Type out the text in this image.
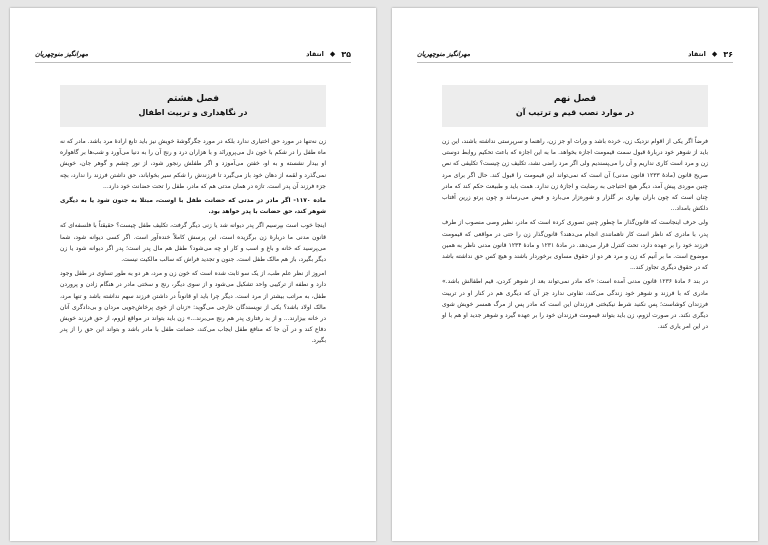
۳۵
◆
انتقاد
مهرانگیز منوچهریان
فصل هشتم
در نگاهداری و تربیت اطفال

زن نه‌تنها در مورد حق اختیاری ندارد بلکه در مورد جگرگوشهٔ خویش نیز باید تابع ارادهٔ مرد باشد. مادر که نه ماه طفل را در شکم با خون دل می‌پرورانَد و با هزاران درد و رنج آن را به دنیا می‌آورد و شب‌ها بر گاهواره او بیدار نشسته و به او، خفتن می‌آموزد و اگر طفلش رنجور شود، از نور چشم و گوهر جان، خویش نمی‌گذرد و لقمه از دهان خود باز می‌گیرد تا فرزندش را شکم سیر بخواباند، حق داشتن فرزند را ندارد، بچه جزء فرزند آن پدر است. تازه در همان مدتی هم که مادر، طفل را تحت حضانت خود دارد...

ماده ۱۱۷۰- اگر مادر در مدتی که حضانت طفل با اوست، مبتلا به جنون شود یا به دیگری شوهر کند، حق حضانت با پدر خواهد بود.

اینجا خوب است بپرسیم اگر پدر دیوانه شد یا زنی دیگر گرفت، تکلیف طفل چیست؟ حقیقتاً با فلسفه‌ای که قانون مدنی ما دربارهٔ زن برگزیده است، این پرسش کاملاً خنده‌آور است. اگر کسی دیوانه شود، شما می‌پرسید که خانه و باغ و اسب و کار او چه می‌شود؟ طفل هم مال پدر است؛ پدر اگر دیوانه شود یا زن دیگر بگیرد، باز هم مالک طفل است. جنون و تجدید فراش که سالب مالکیت نیست.

امروز از نظر علم طب، از یک سو ثابت شده است که خون زن و مرد، هر دو به طور تساوی در طفل وجود دارد و نطفه از ترکیبی واحد تشکیل می‌شود و از سوی دیگر، رنج و سختی مادر در هنگام زادن و پروردن طفل، به مراتب بیشتر از مرد است. دیگر چرا باید او قانوناً در داشتن فرزند سهم نداشته باشد و تنها مرد، مالک اولاد باشد؟ یکی از نویسندگان خارجی می‌گوید: «زنان از خوی پرخاش‌جویی مردان و بی‌دادگری آنان در خانه بیزارند... و از بد رفتاری پدر هم رنج می‌برند...» زن باید بتواند در مواقع لزوم، از حق فرزند خویش دفاع کند و در آن جا که منافع طفل ایجاب می‌کند، حضانت طفل با مادر باشد و بتواند این حق را از پدر بگیرد.

۳۶
◆
انتقاد
مهرانگیز منوچهریان
فصل نهم
در موارد نصب قیم و ترتیب آن

فرضاً اگر یکی از اقوام نزدیک زن، خرده باشد و وراث او جز زن، راهنما و سرپرستی نداشته باشند، این زن باید از شوهر خود دربارهٔ قبول سمت قیمومت اجازه بخواهد. ما به این اجازه که باعث تحکیم روابط دوستی زن و مرد است کاری نداریم و آن را می‌پسندیم ولی اگر مرد راضی نشد، تکلیف زن چیست؟ تکلیفی که نص صریح قانون (مادهٔ ۱۲۳۳ قانون مدنی) آن است که نمی‌تواند این قیمومت را قبول کند. حال اگر برای مرد چنین موردی پیش آمد، دیگر هیچ احتیاجی به رضایت و اجازهٔ زن ندارد. همت باید و طبیعت حکم کند که مادر چنان است که چون باران بهاری بر گلزار و شوره‌زار می‌بارد و فیض می‌رساند و چون پرتو زرین آفتاب دلکش بامداد...

ولی حرف اینجاست که قانون‌گذار ما چطور چنین تصوری کرده است که مادر، نظیر وصی منصوب از طرف پدر، با مادری که ناظر است کار ناهمانندی انجام می‌دهند؟ قانون‌گذار زن را حتی در مواقعی که قیمومت فرزند خود را بر عهده دارد، تحت کنترل قرار می‌دهد. در مادهٔ ۱۲۳۱ و مادهٔ ۱۲۳۴ قانون مدنی ناظر به همین موضوع است. ما بر آنیم که زن و مرد هر دو از حقوق مساوی برخوردار باشند و هیچ کس حق نداشته باشد که در حقوق دیگری تجاوز کند...

در بند ۶ مادهٔ ۱۲۳۶ قانون مدنی آمده است: «که مادر نمی‌تواند بعد از شوهر کردن، قیم اطفالش باشد.» مادری که با فرزند و شوهر خود زندگی می‌کند، تفاوتی ندارد جز آن که دیگری هم در کنار او در تربیت فرزندان کوشاست؛ پس نکنید شرط نیکبختی فرزندان این است که مادر پس از مرگ همسر خویش شوی دیگری نکند. در صورت لزوم، زن باید بتواند قیمومت فرزندان خود را بر عهده گیرد و شوهر جدید او هم با او در این امر یاری کند.
